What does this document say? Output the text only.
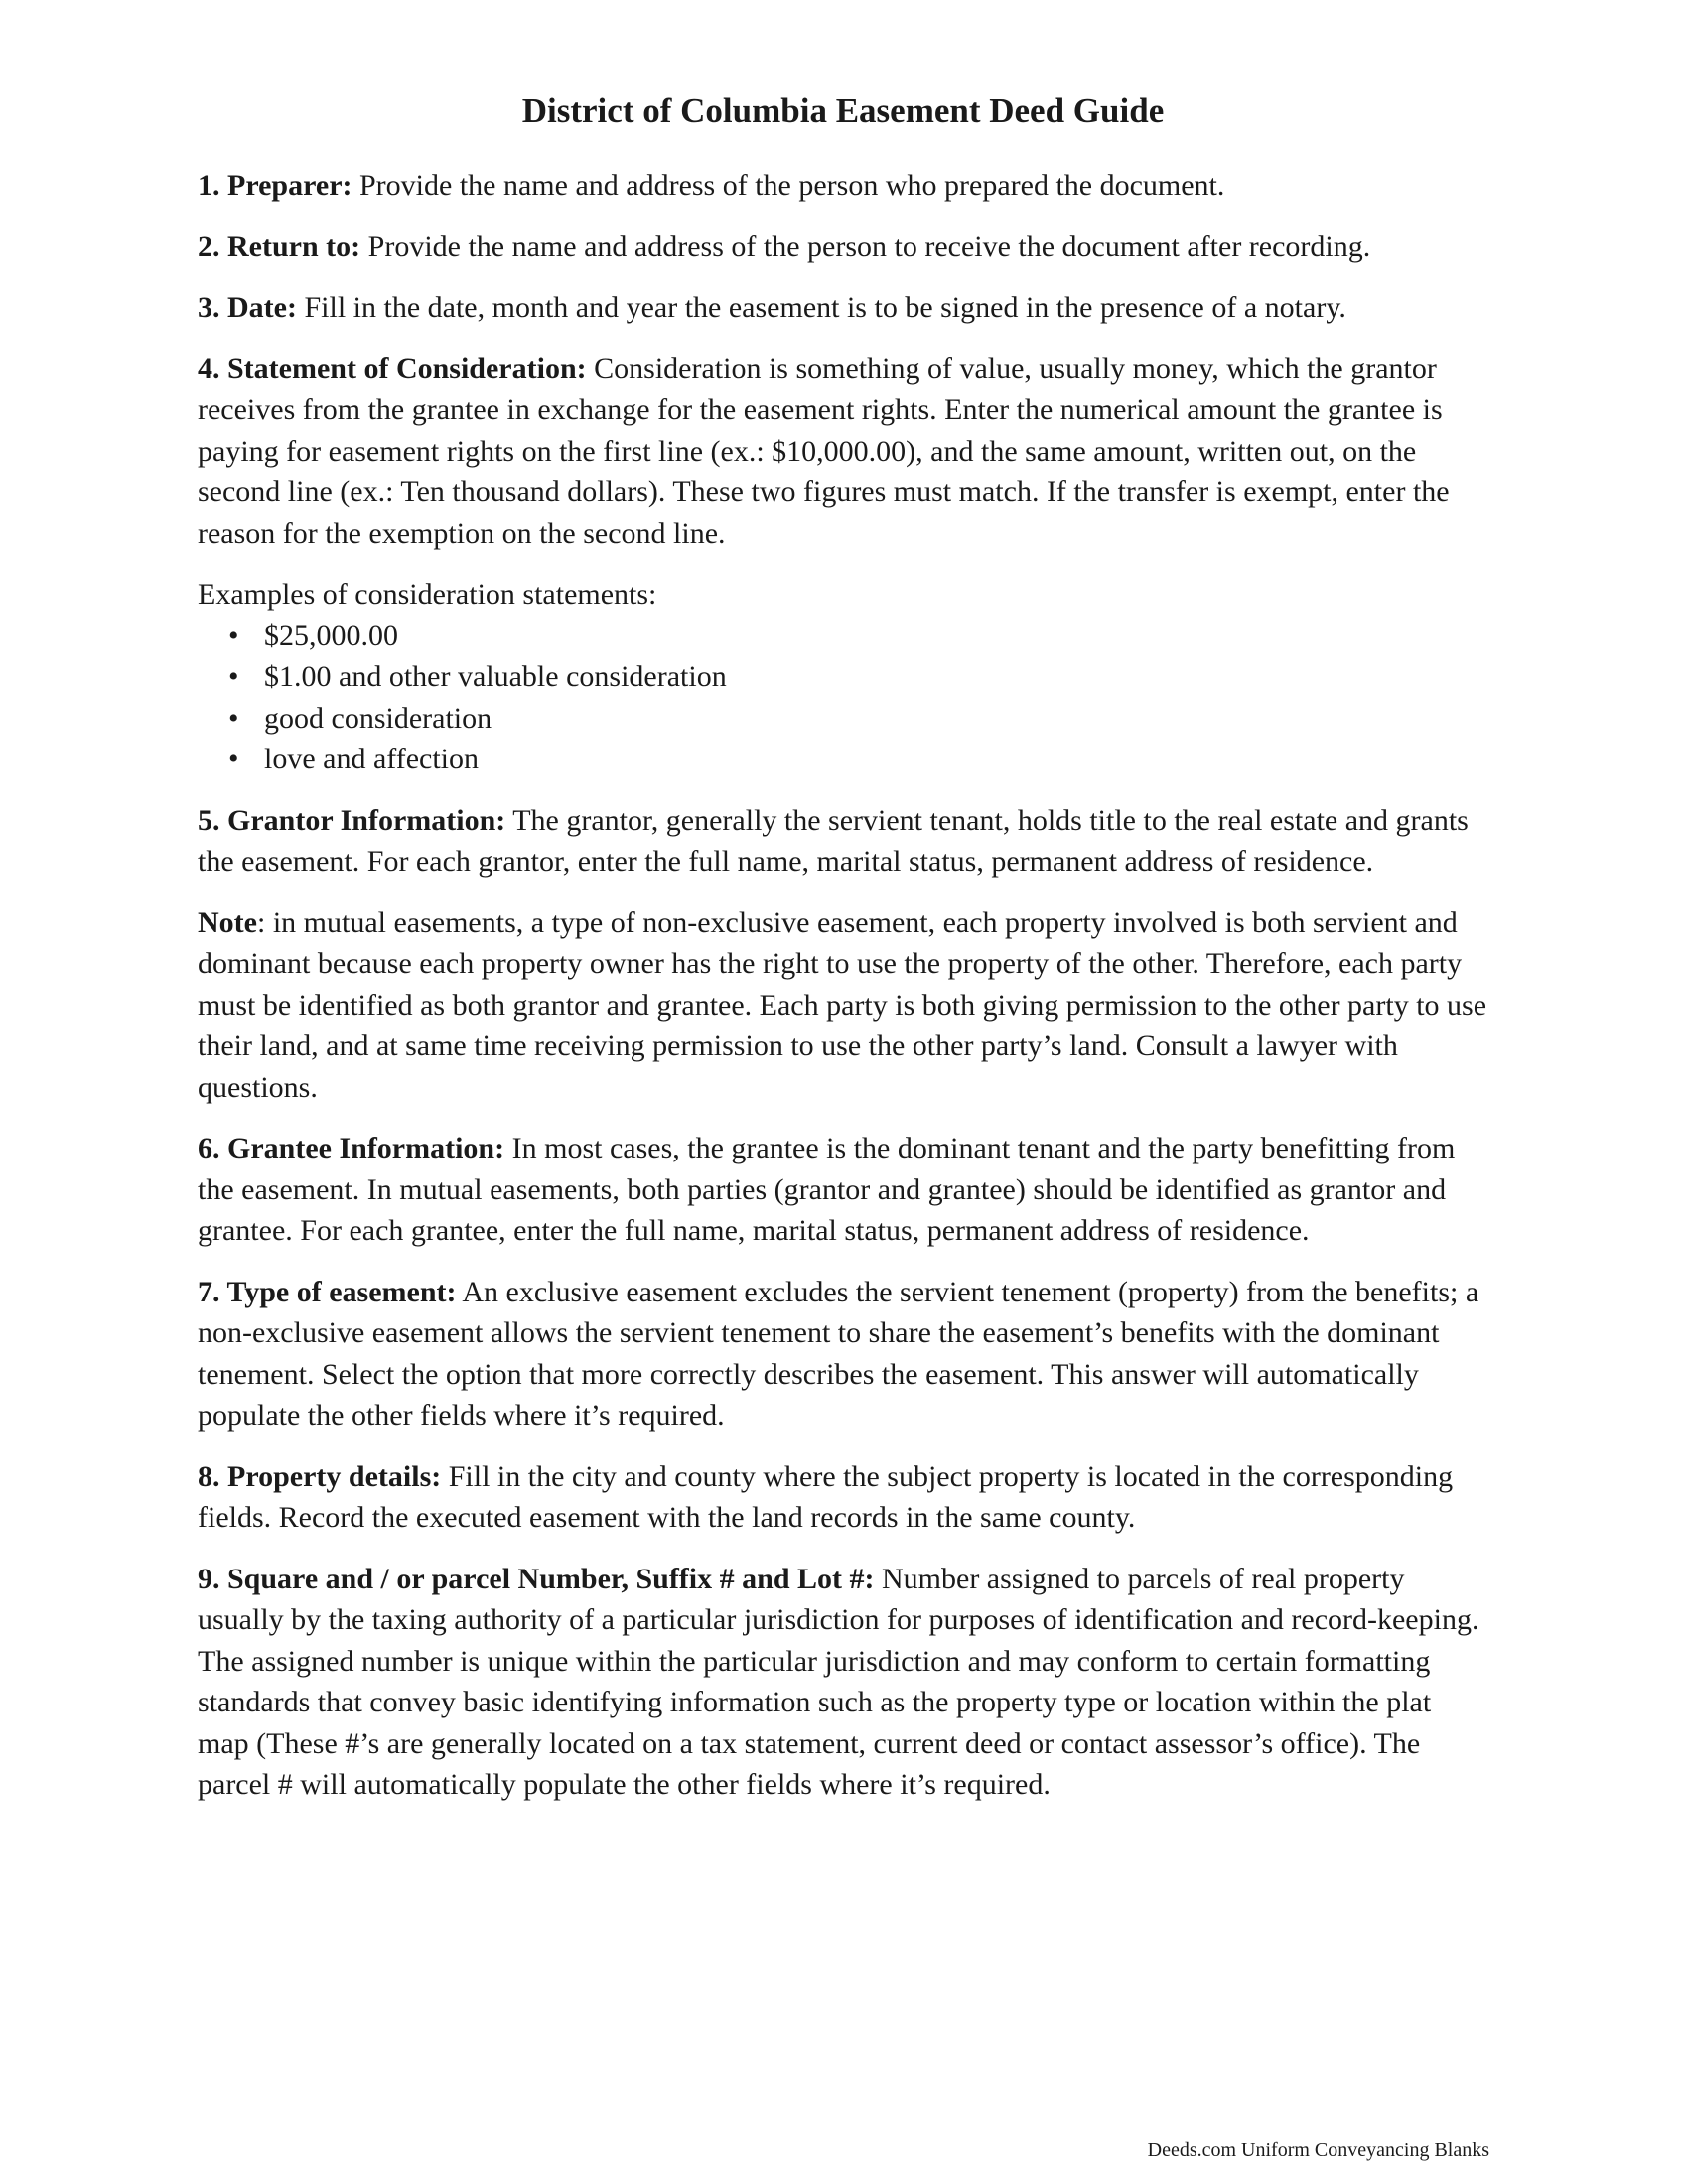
District of Columbia Easement Deed Guide

1. Preparer: Provide the name and address of the person who prepared the document.

2. Return to: Provide the name and address of the person to receive the document after recording.

3. Date: Fill in the date, month and year the easement is to be signed in the presence of a notary.

4. Statement of Consideration: Consideration is something of value, usually money, which the grantor receives from the grantee in exchange for the easement rights. Enter the numerical amount the grantee is paying for easement rights on the first line (ex.: $10,000.00), and the same amount, written out, on the second line (ex.: Ten thousand dollars). These two figures must match. If the transfer is exempt, enter the reason for the exemption on the second line.

Examples of consideration statements:

• $25,000.00
• $1.00 and other valuable consideration
• good consideration
• love and affection

5. Grantor Information: The grantor, generally the servient tenant, holds title to the real estate and grants the easement. For each grantor, enter the full name, marital status, permanent address of residence.

Note: in mutual easements, a type of non-exclusive easement, each property involved is both servient and dominant because each property owner has the right to use the property of the other. Therefore, each party must be identified as both grantor and grantee. Each party is both giving permission to the other party to use their land, and at same time receiving permission to use the other party’s land. Consult a lawyer with questions.

6. Grantee Information: In most cases, the grantee is the dominant tenant and the party benefitting from the easement. In mutual easements, both parties (grantor and grantee) should be identified as grantor and grantee. For each grantee, enter the full name, marital status, permanent address of residence.

7. Type of easement: An exclusive easement excludes the servient tenement (property) from the benefits; a non-exclusive easement allows the servient tenement to share the easement’s benefits with the dominant tenement. Select the option that more correctly describes the easement. This answer will automatically populate the other fields where it’s required.

8. Property details: Fill in the city and county where the subject property is located in the corresponding fields. Record the executed easement with the land records in the same county.

9. Square and / or parcel Number, Suffix # and Lot #: Number assigned to parcels of real property usually by the taxing authority of a particular jurisdiction for purposes of identification and record-keeping. The assigned number is unique within the particular jurisdiction and may conform to certain formatting standards that convey basic identifying information such as the property type or location within the plat map (These #’s are generally located on a tax statement, current deed or contact assessor’s office). The parcel # will automatically populate the other fields where it’s required.

Deeds.com Uniform Conveyancing Blanks
